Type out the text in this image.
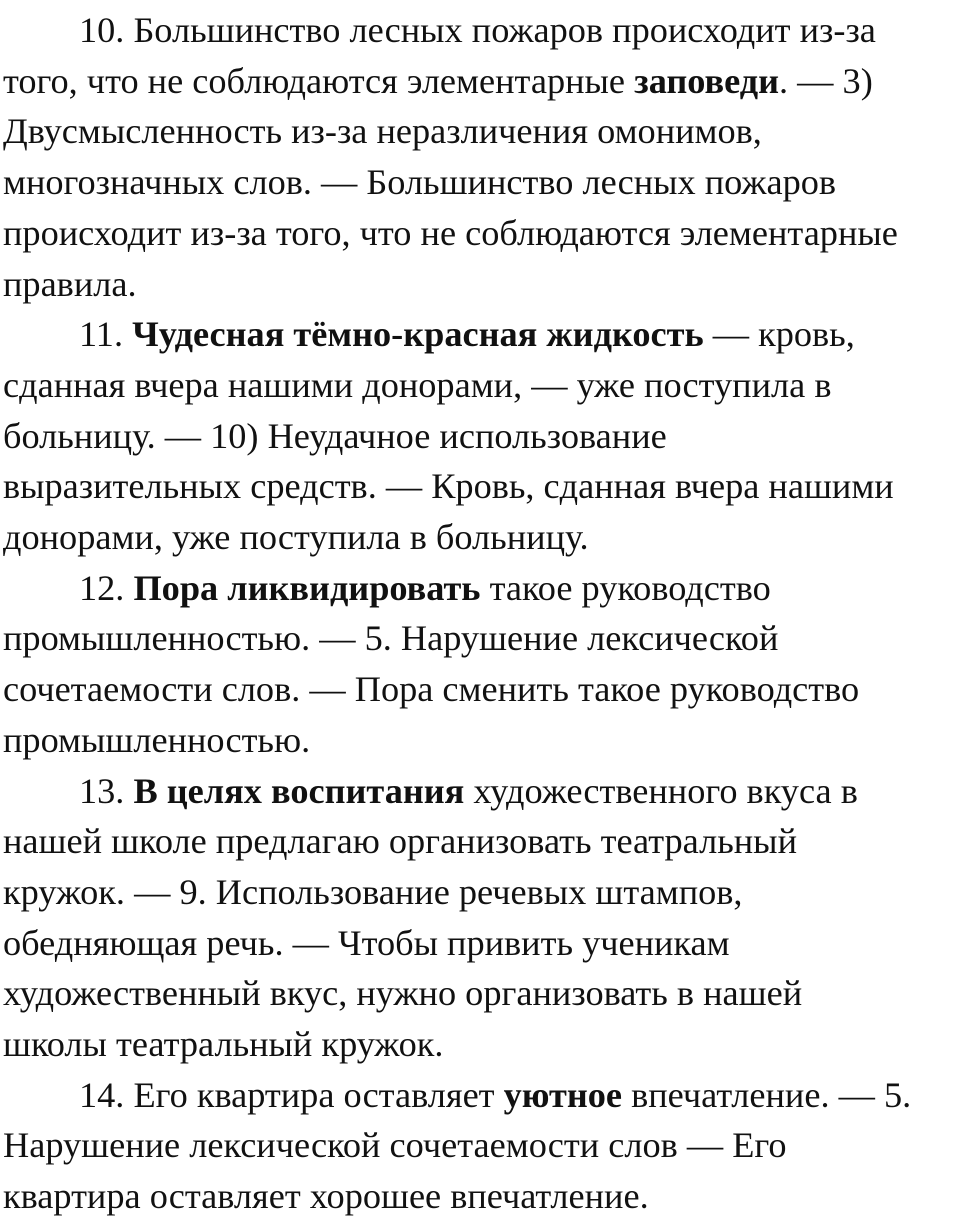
10. Большинство лесных пожаров происходит из-за
того, что не соблюдаются элементарные заповеди. — 3)
Двусмысленность из-за неразличения омонимов,
многозначных слов. — Большинство лесных пожаров
происходит из-за того, что не соблюдаются элементарные
правила.
11. Чудесная тёмно-красная жидкость — кровь,
сданная вчера нашими донорами, — уже поступила в
больницу. — 10) Неудачное использование
выразительных средств. — Кровь, сданная вчера нашими
донорами, уже поступила в больницу.
12. Пора ликвидировать такое руководство
промышленностью. — 5. Нарушение лексической
сочетаемости слов. — Пора сменить такое руководство
промышленностью.
13. В целях воспитания художественного вкуса в
нашей школе предлагаю организовать театральный
кружок. — 9. Использование речевых штампов,
обедняющая речь. — Чтобы привить ученикам
художественный вкус, нужно организовать в нашей
школы театральный кружок.
14. Его квартира оставляет уютное впечатление. — 5.
Нарушение лексической сочетаемости слов — Его
квартира оставляет хорошее впечатление.
